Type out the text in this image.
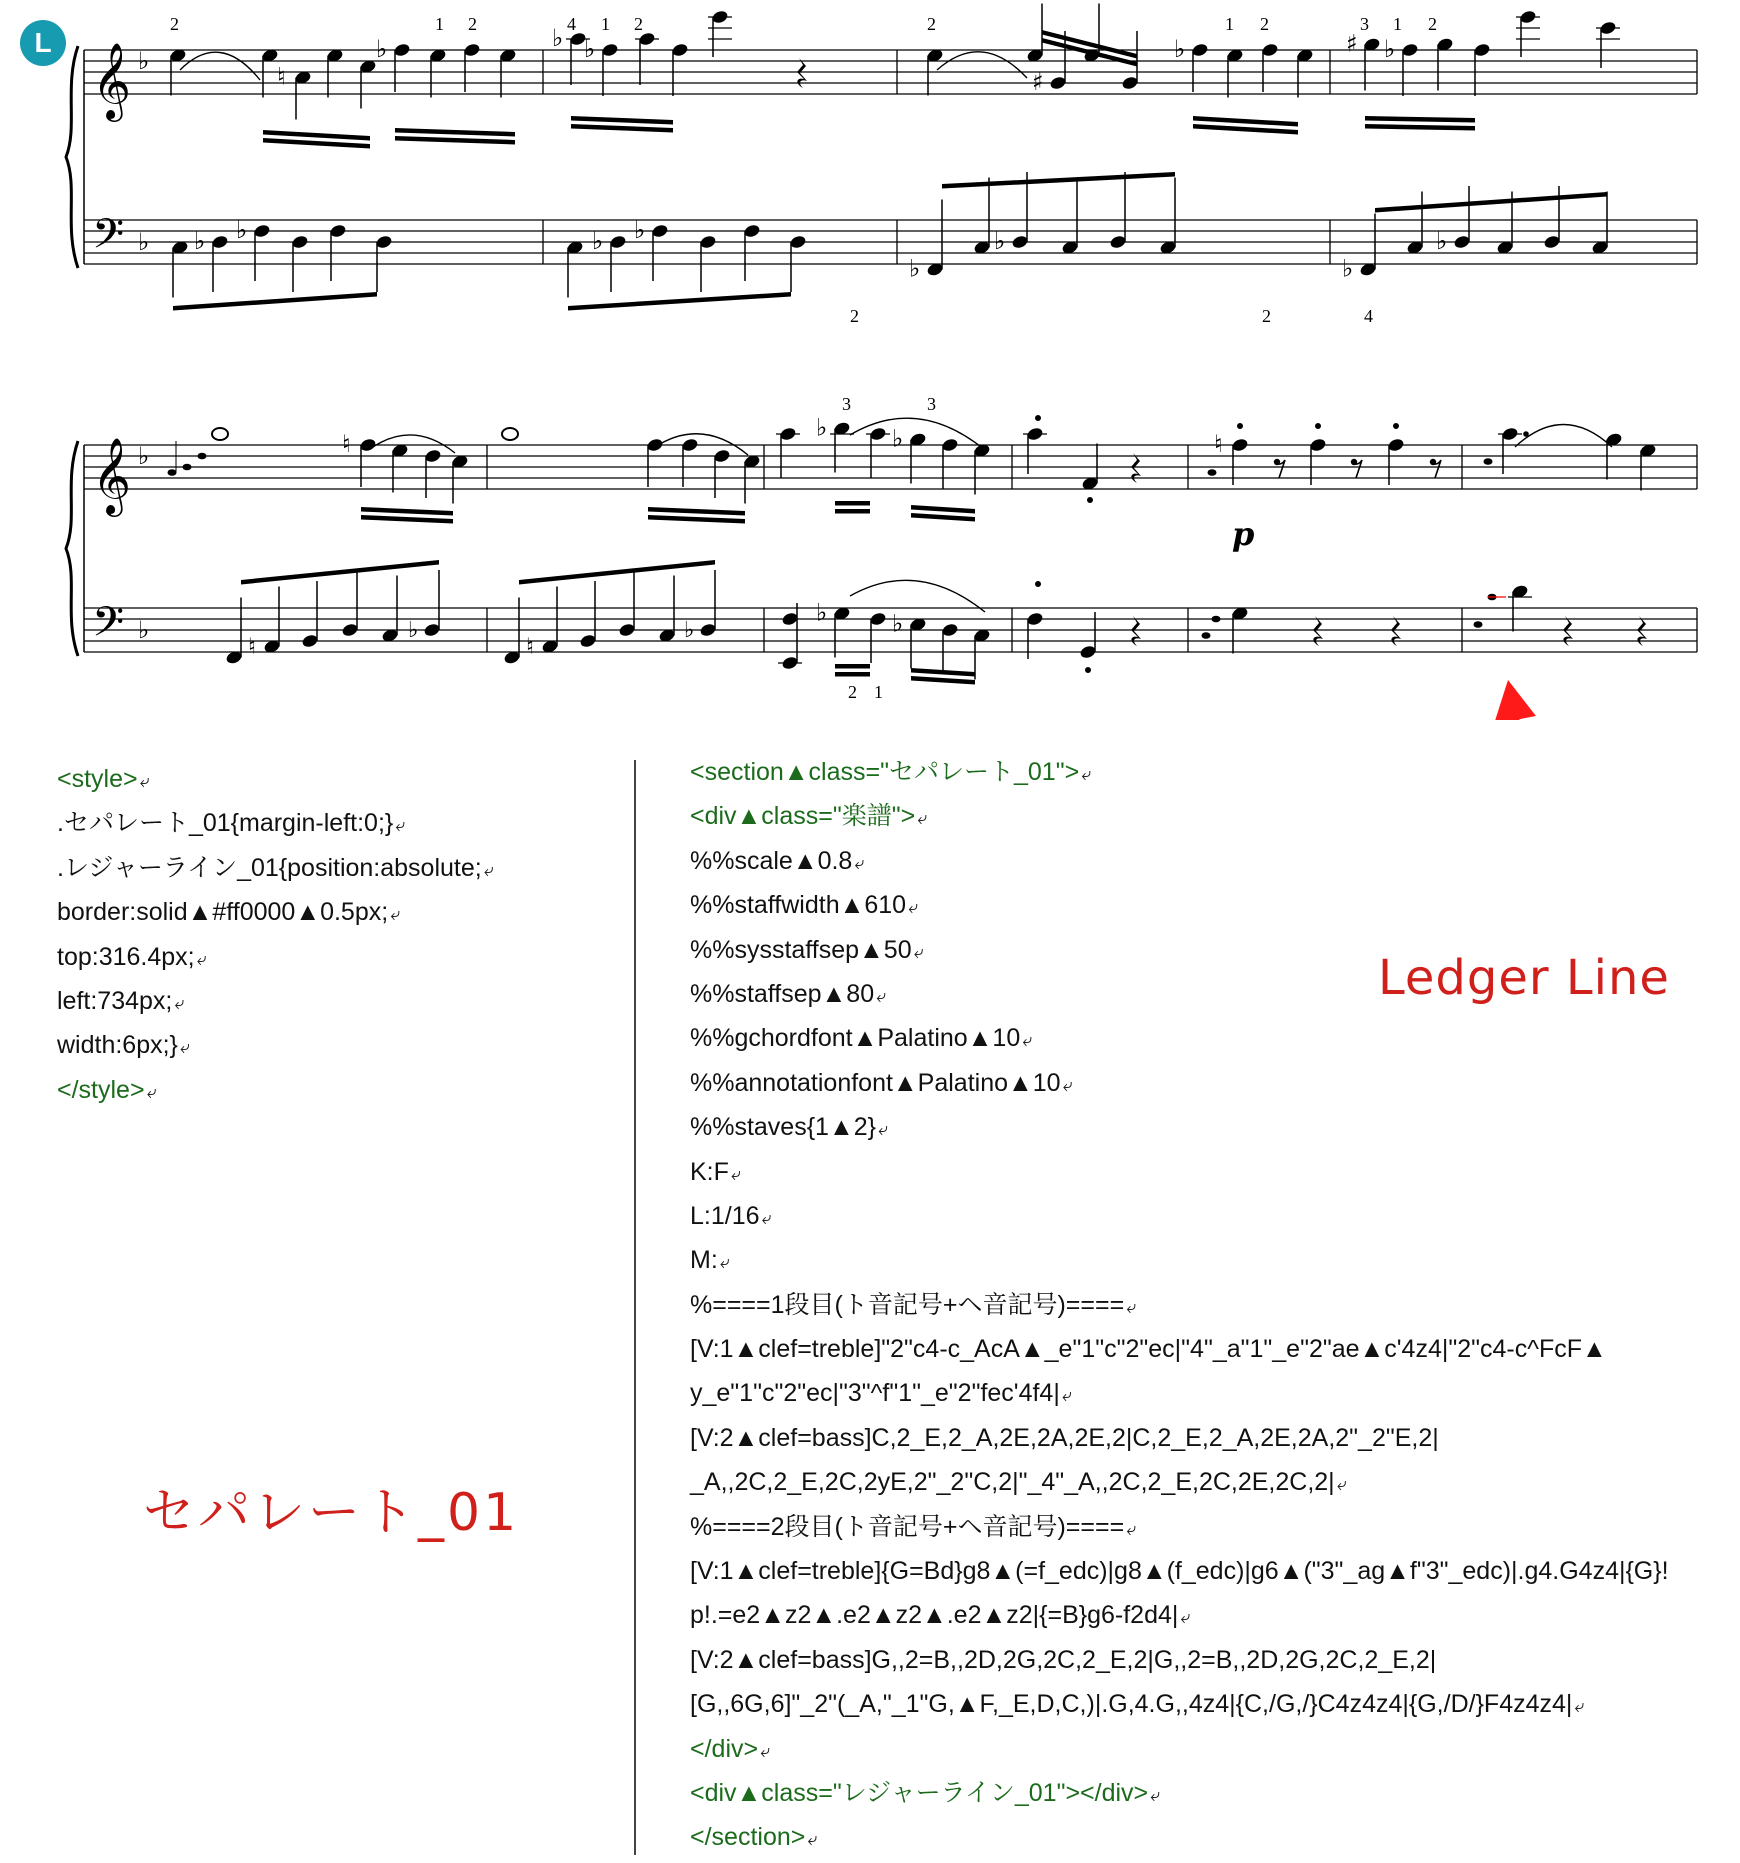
L 𝄞
𝄢
♭
♭
♮
♭	♭ ♭
♯
♭	♯ ♭
♭ ♭	♭ ♭
♭
♭
♭
♭
2	1 2	4 1 2	2	1 2	3 1 2
2	2	4
𝄞
𝄢
♭
♭
♮
♭	♭
3	3
♮
p
♮
♭
♮
♭
♭	♭
2 1
<style> ⤶
.セパレート_01{margin-left:0;} ⤶
.レジャーライン_01{position:absolute; ⤶
border:solid▲#ff0000▲0.5px; ⤶
top:316.4px; ⤶
left:734px; ⤶
width:6px;} ⤶
</style> ⤶
<section▲class="セパレート_01"> ⤶
<div▲class="楽譜"> ⤶
%%scale▲0.8 ⤶
%%staffwidth▲610 ⤶
%%sysstaffsep▲50 ⤶
%%staffsep▲80 ⤶
%%gchordfont▲Palatino▲10 ⤶
%%annotationfont▲Palatino▲10 ⤶
%%staves{1▲2} ⤶
K:F ⤶
L:1/16 ⤶
M: ⤶
%====1段目(ト音記号+ヘ音記号)==== ⤶
[V:1▲clef=treble]"2"c4-c_AcA▲_e"1"c"2"ec|"4"_a"1"_e"2"ae▲c'4z4|"2"c4-c^FcF▲
y_e"1"c"2"ec|"3"^f"1"_e"2"fec'4f4| ⤶
[V:2▲clef=bass]C,2_E,2_A,2E,2A,2E,2|C,2_E,2_A,2E,2A,2"_2"E,2|
_A,,2C,2_E,2C,2yE,2"_2"C,2|"_4"_A,,2C,2_E,2C,2E,2C,2| ⤶
%====2段目(ト音記号+ヘ音記号)==== ⤶
[V:1▲clef=treble]{G=Bd}g8▲(=f_edc)|g8▲(f_edc)|g6▲("3"_ag▲f"3"_edc)|.g4.G4z4|{G}!
p!.=e2▲z2▲.e2▲z2▲.e2▲z2|{=B}g6-f2d4| ⤶
[V:2▲clef=bass]G,,2=B,,2D,2G,2C,2_E,2|G,,2=B,,2D,2G,2C,2_E,2|
[G,,6G,6]"_2"(_A,"_1"G,▲F,_E,D,C,)|.G,4.G,,4z4|{C,/G,/}C4z4z4|{G,/D/}F4z4z4| ⤶
</div> ⤶
<div▲class="レジャーライン_01"></div> ⤶
</section> ⤶
Ledger Line
セパレート_01
